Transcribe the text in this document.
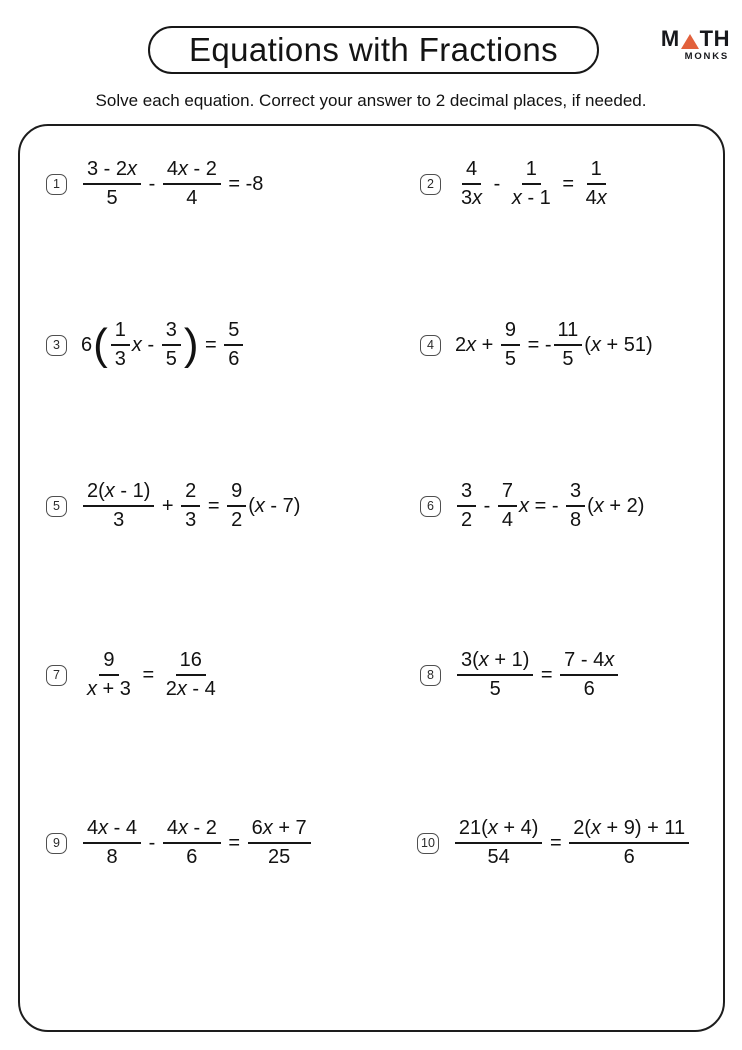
Equations with Fractions	M TH
MONKS
Solve each equation. Correct your answer to 2 decimal places, if needed.
1	$\frac{3 - 2x}{5} - \frac{4x - 2}{4} = -8$	2	$\frac{4}{3x} - \frac{1}{x - 1} = \frac{1}{4x}$
3	6 ( $\frac{1}{3}$ x - $\frac{3}{5}$ ) = $\frac{5}{6}$	4	$2x + \frac{9}{5}$ = - $\frac{11}{5} (x + 51)$
5	$\frac{2(x - 1)}{3} + \frac{2}{3} = \frac{9}{2} (x - 7)$	6	$\frac{3}{2} - \frac{7}{4}$ x = - $\frac{3}{8} (x + 2)$
7	$\frac{9}{x + 3} = \frac{16}{2x - 4}$	8	$\frac{3(x + 1)}{5} = \frac{7 - 4x}{6}$
9	$\frac{4x - 4}{8} - \frac{4x - 2}{6} = \frac{6x + 7}{25}$	$10 \frac{21(x + 4)}{54} = \frac{2(x + 9) + 11}{6}$
